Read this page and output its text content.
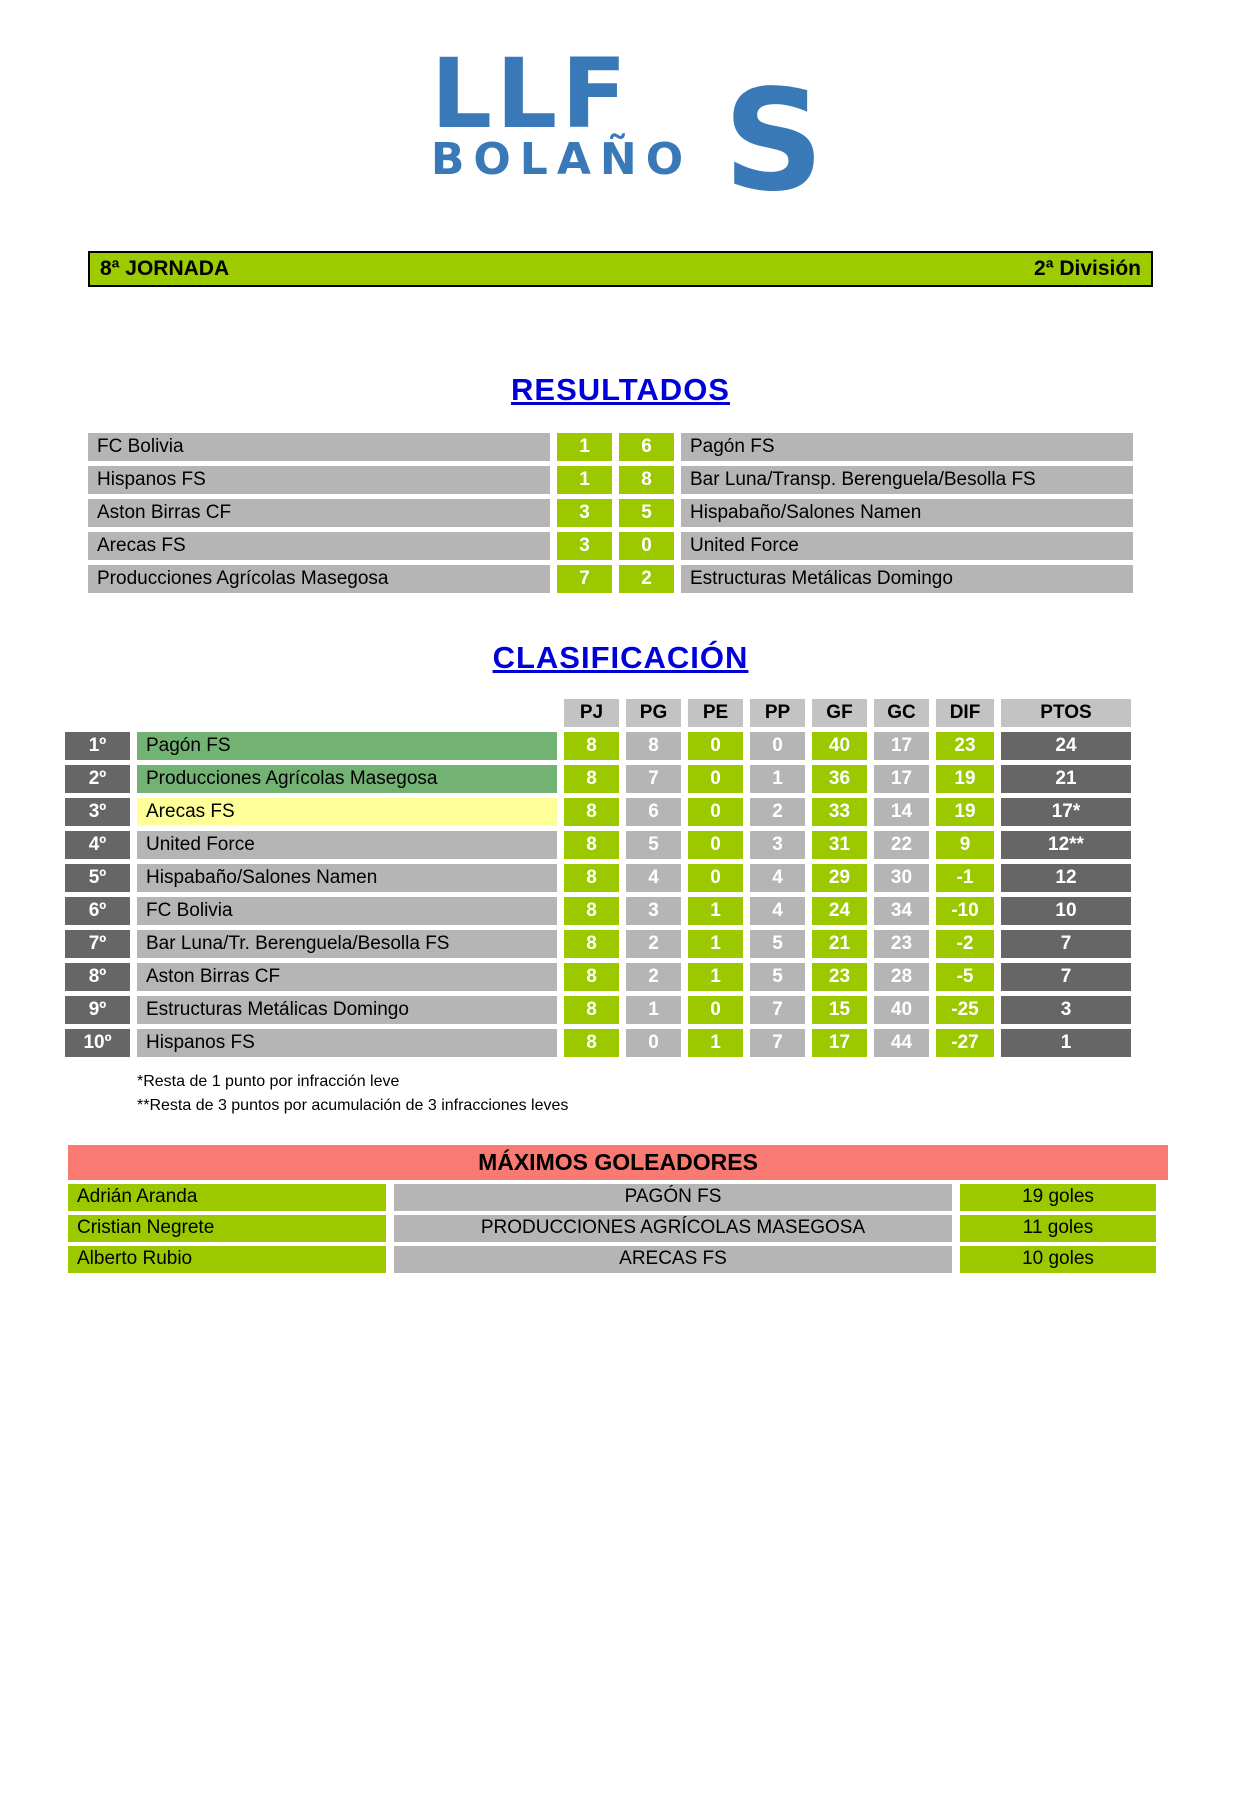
LLF S
BOLAÑO
8ª JORNADA	2ª División
RESULTADOS
FC Bolivia	1	6	Pagón FS
Hispanos FS	1	8	Bar Luna/Transp. Berenguela/Besolla FS
Aston Birras CF	3	5	Hispabaño/Salones Namen
Arecas FS	3	0	United Force
Producciones Agrícolas Masegosa	7	2	Estructuras Metálicas Domingo
CLASIFICACIÓN
		PJ	PG	PE	PP	GF	GC	DIF	PTOS
1º	Pagón FS	8	8	0	0	40	17	23	24
2º	Producciones Agrícolas Masegosa	8	7	0	1	36	17	19	21
3º	Arecas FS	8	6	0	2	33	14	19	17*
4º	United Force	8	5	0	3	31	22	9	12**
5º	Hispabaño/Salones Namen	8	4	0	4	29	30	-1	12
6º	FC Bolivia	8	3	1	4	24	34	-10	10
7º	Bar Luna/Tr. Berenguela/Besolla FS	8	2	1	5	21	23	-2	7
8º	Aston Birras CF	8	2	1	5	23	28	-5	7
9º	Estructuras Metálicas Domingo	8	1	0	7	15	40	-25	3
10º	Hispanos FS	8	0	1	7	17	44	-27	1
*Resta de 1 punto por infracción leve
**Resta de 3 puntos por acumulación de 3 infracciones leves
MÁXIMOS GOLEADORES
Adrián Aranda	PAGÓN FS	19 goles
Cristian Negrete	PRODUCCIONES AGRÍCOLAS MASEGOSA	11 goles
Alberto Rubio	ARECAS FS	10 goles
